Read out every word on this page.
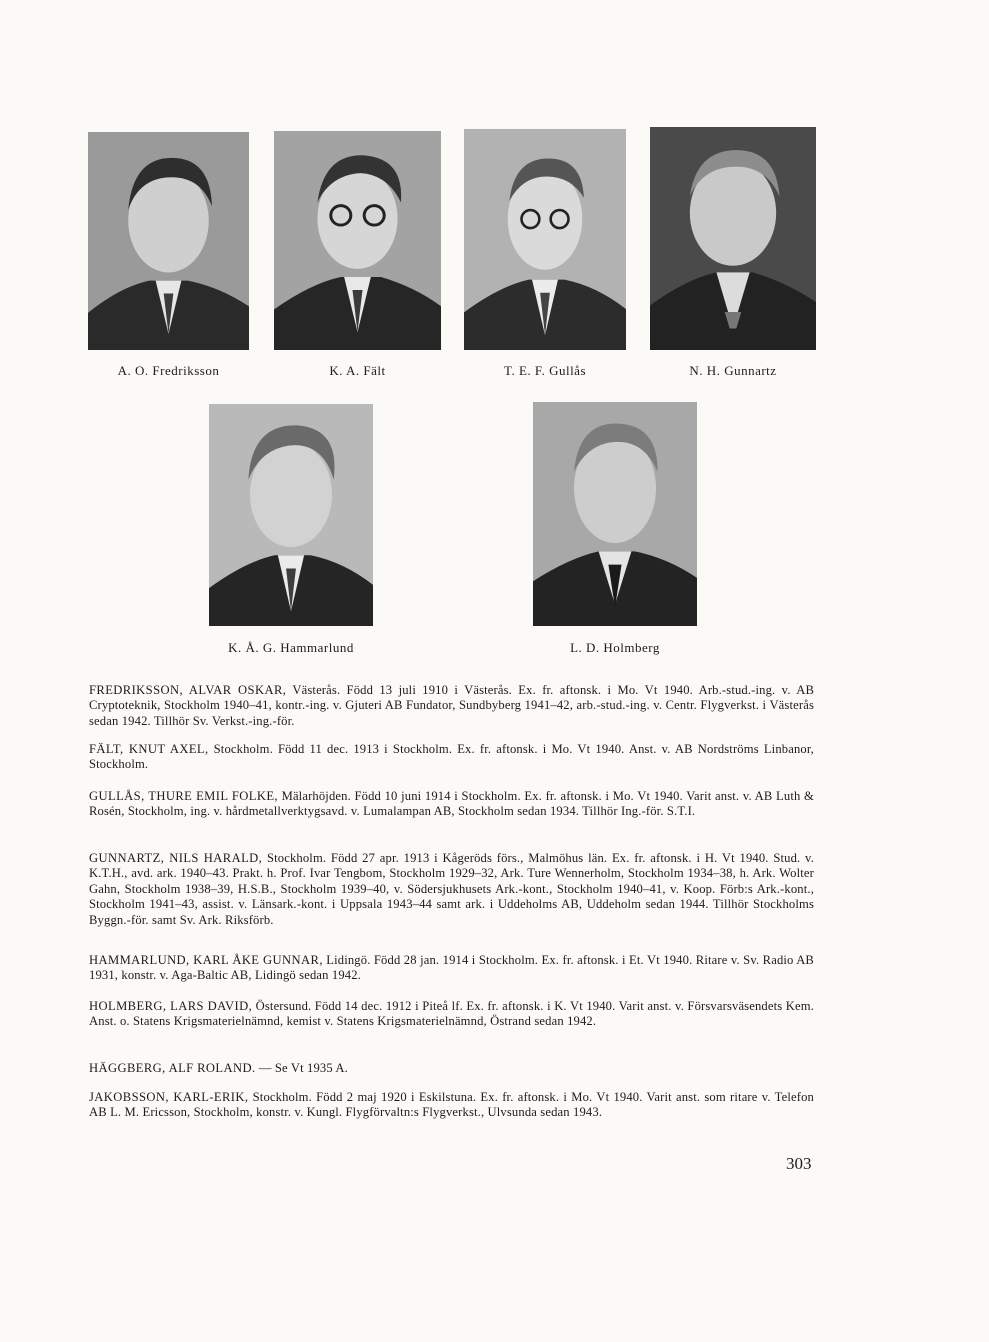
A. O. Fredriksson	K. A. Fält	T. E. F. Gullås	N. H. Gunnartz
K. Å. G. Hammarlund	L. D. Holmberg

FREDRIKSSON, ALVAR OSKAR, Västerås. Född 13 juli 1910 i Västerås. Ex. fr. aftonsk. i Mo. Vt 1940. Arb.-stud.-ing. v. AB Cryptoteknik, Stockholm 1940–41, kontr.-ing. v. Gjuteri AB Fundator, Sundbyberg 1941–42, arb.-stud.-ing. v. Centr. Flygverkst. i Västerås sedan 1942. Tillhör Sv. Verkst.-ing.-för.

FÄLT, KNUT AXEL, Stockholm. Född 11 dec. 1913 i Stockholm. Ex. fr. aftonsk. i Mo. Vt 1940. Anst. v. AB Nordströms Linbanor, Stockholm.

GULLÅS, THURE EMIL FOLKE, Mälarhöjden. Född 10 juni 1914 i Stockholm. Ex. fr. aftonsk. i Mo. Vt 1940. Varit anst. v. AB Luth & Rosén, Stockholm, ing. v. hårdmetallverktygsavd. v. Lumalampan AB, Stockholm sedan 1934. Tillhör Ing.-för. S.T.I.

GUNNARTZ, NILS HARALD, Stockholm. Född 27 apr. 1913 i Kågeröds förs., Malmöhus län. Ex. fr. aftonsk. i H. Vt 1940. Stud. v. K.T.H., avd. ark. 1940–43. Prakt. h. Prof. Ivar Tengbom, Stockholm 1929–32, Ark. Ture Wennerholm, Stockholm 1934–38, h. Ark. Wolter Gahn, Stockholm 1938–39, H.S.B., Stockholm 1939–40, v. Södersjukhusets Ark.-kont., Stockholm 1940–41, v. Koop. Förb:s Ark.-kont., Stockholm 1941–43, assist. v. Länsark.-kont. i Uppsala 1943–44 samt ark. i Uddeholms AB, Uddeholm sedan 1944. Tillhör Stockholms Byggn.-för. samt Sv. Ark. Riksförb.

HAMMARLUND, KARL ÅKE GUNNAR, Lidingö. Född 28 jan. 1914 i Stockholm. Ex. fr. aftonsk. i Et. Vt 1940. Ritare v. Sv. Radio AB 1931, konstr. v. Aga-Baltic AB, Lidingö sedan 1942.

HOLMBERG, LARS DAVID, Östersund. Född 14 dec. 1912 i Piteå lf. Ex. fr. aftonsk. i K. Vt 1940. Varit anst. v. Försvarsväsendets Kem. Anst. o. Statens Krigsmaterielnämnd, kemist v. Statens Krigsmaterielnämnd, Östrand sedan 1942.

HÄGGBERG, ALF ROLAND. — Se Vt 1935 A.

JAKOBSSON, KARL-ERIK, Stockholm. Född 2 maj 1920 i Eskilstuna. Ex. fr. aftonsk. i Mo. Vt 1940. Varit anst. som ritare v. Telefon AB L. M. Ericsson, Stockholm, konstr. v. Kungl. Flygförvaltn:s Flygverkst., Ulvsunda sedan 1943.

303
